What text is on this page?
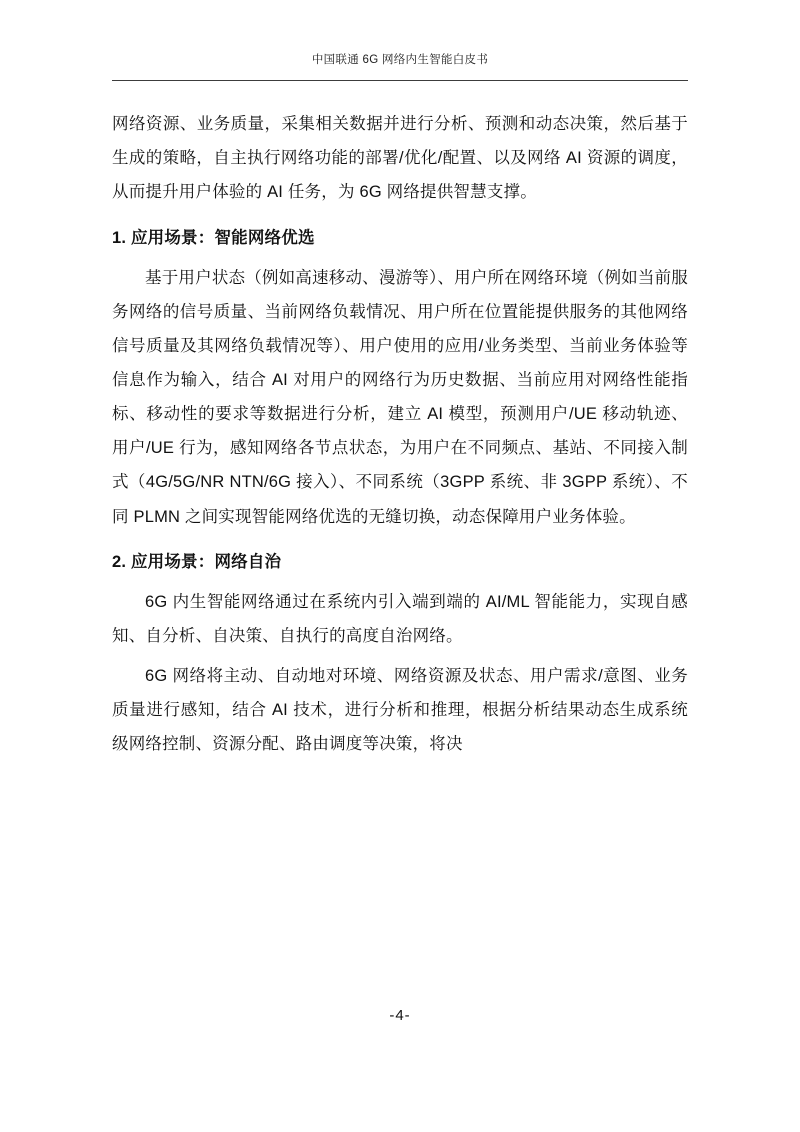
中国联通 6G 网络内生智能白皮书

网络资源、业务质量，采集相关数据并进行分析、预测和动态决策，然后基于生成的策略，自主执行网络功能的部署/优化/配置、以及网络 AI 资源的调度，从而提升用户体验的 AI 任务，为 6G 网络提供智慧支撑。

1. 应用场景：智能网络优选

基于用户状态（例如高速移动、漫游等）、用户所在网络环境（例如当前服务网络的信号质量、当前网络负载情况、用户所在位置能提供服务的其他网络信号质量及其网络负载情况等）、用户使用的应用/业务类型、当前业务体验等信息作为输入，结合 AI 对用户的网络行为历史数据、当前应用对网络性能指标、移动性的要求等数据进行分析，建立 AI 模型，预测用户/UE 移动轨迹、用户/UE 行为，感知网络各节点状态，为用户在不同频点、基站、不同接入制式（4G/5G/NR NTN/6G 接入）、不同系统（3GPP 系统、非 3GPP 系统）、不同 PLMN 之间实现智能网络优选的无缝切换，动态保障用户业务体验。

2. 应用场景：网络自治

6G 内生智能网络通过在系统内引入端到端的 AI/ML 智能能力，实现自感知、自分析、自决策、自执行的高度自治网络。

6G 网络将主动、自动地对环境、网络资源及状态、用户需求/意图、业务质量进行感知，结合 AI 技术，进行分析和推理，根据分析结果动态生成系统级网络控制、资源分配、路由调度等决策，将决

-4-
